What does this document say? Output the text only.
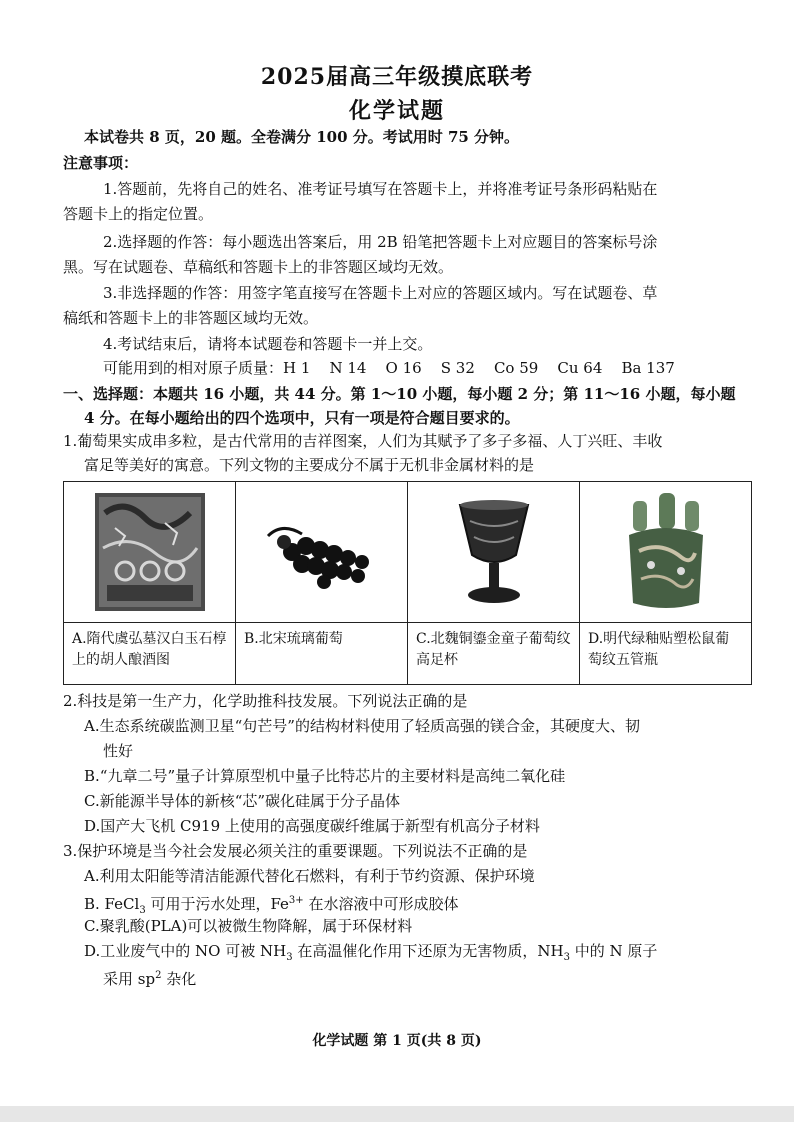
2025届高三年级摸底联考
化学试题
本试卷共 8 页，20 题。全卷满分 100 分。考试用时 75 分钟。
注意事项：
1.答题前，先将自己的姓名、准考证号填写在答题卡上，并将准考证号条形码粘贴在
答题卡上的指定位置。
2.选择题的作答：每小题选出答案后，用 2B 铅笔把答题卡上对应题目的答案标号涂
黑。写在试题卷、草稿纸和答题卡上的非答题区域均无效。
3.非选择题的作答：用签字笔直接写在答题卡上对应的答题区域内。写在试题卷、草
稿纸和答题卡上的非答题区域均无效。
4.考试结束后，请将本试题卷和答题卡一并上交。
可能用到的相对原子质量：H 1    N 14    O 16    S 32    Co 59    Cu 64    Ba 137
一、选择题：本题共 16 小题，共 44 分。第 1～10 小题，每小题 2 分；第 11～16 小题，每小题
4 分。在每小题给出的四个选项中，只有一项是符合题目要求的。
1.葡萄果实成串多粒，是古代常用的吉祥图案，人们为其赋予了多子多福、人丁兴旺、丰收
富足等美好的寓意。下列文物的主要成分不属于无机非金属材料的是
A.隋代虞弘墓汉白玉石椁上的胡人酿酒图
B.北宋琉璃葡萄	C.北魏铜鎏金童子葡萄纹高足杯
D.明代绿釉贴塑松鼠葡萄纹五管瓶
2.科技是第一生产力，化学助推科技发展。下列说法正确的是
A.生态系统碳监测卫星“句芒号”的结构材料使用了轻质高强的镁合金，其硬度大、韧
性好
B.“九章二号”量子计算原型机中量子比特芯片的主要材料是高纯二氧化硅
C.新能源半导体的新核“芯”碳化硅属于分子晶体
D.国产大飞机 C919 上使用的高强度碳纤维属于新型有机高分子材料
3.保护环境是当今社会发展必须关注的重要课题。下列说法不正确的是
A.利用太阳能等清洁能源代替化石燃料，有利于节约资源、保护环境
B. FeCl$_3$ 可用于污水处理，$Fe^{3+}$ 在水溶液中可形成胶体
C.聚乳酸(PLA)可以被微生物降解，属于环保材料
D.工业废气中的 NO 可被 $NH_3$ 在高温催化作用下还原为无害物质，$NH_3$ 中的 N 原子
采用 $sp^2$ 杂化
化学试题 第 1 页(共 8 页)
